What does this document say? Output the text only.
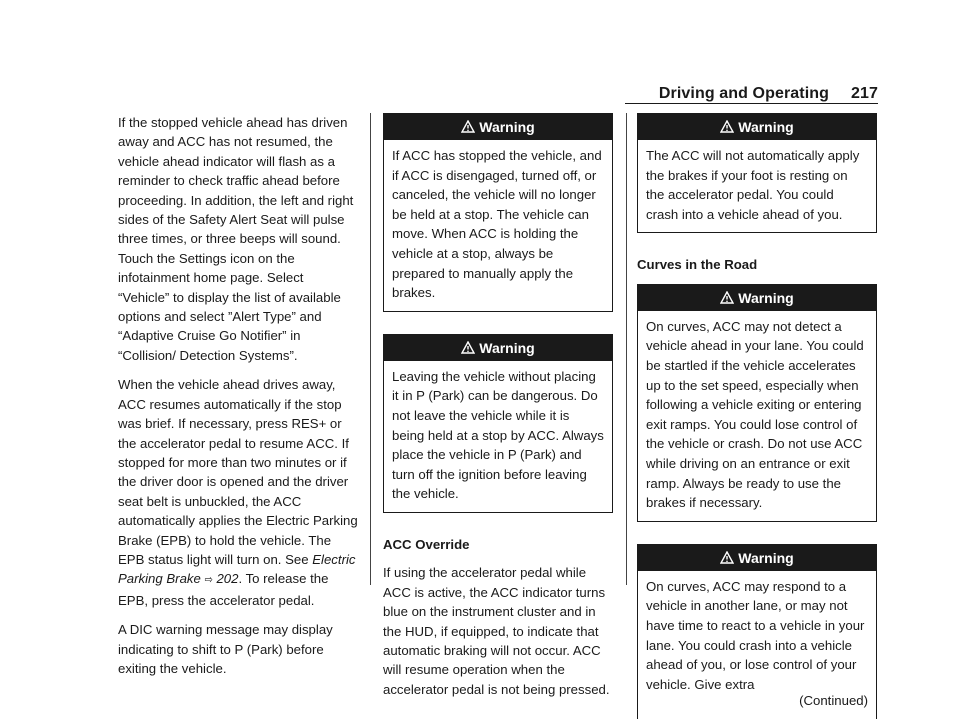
Driving and Operating 217

If the stopped vehicle ahead has driven away and ACC has not resumed, the vehicle ahead indicator will flash as a reminder to check traffic ahead before proceeding. In addition, the left and right sides of the Safety Alert Seat will pulse three times, or three beeps will sound. Touch the Settings icon on the infotainment home page. Select “Vehicle” to display the list of available options and select ”Alert Type” and “Adaptive Cruise Go Notifier” in “Collision/ Detection Systems”.

When the vehicle ahead drives away, ACC resumes automatically if the stop was brief. If necessary, press RES+ or the accelerator pedal to resume ACC. If stopped for more than two minutes or if the driver door is opened and the driver seat belt is unbuckled, the ACC automatically applies the Electric Parking Brake (EPB) to hold the vehicle. The EPB status light will turn on. See Electric Parking Brake ⇨ 202. To release the EPB, press the accelerator pedal.

A DIC warning message may display indicating to shift to P (Park) before exiting the vehicle.

Warning
If ACC has stopped the vehicle, and if ACC is disengaged, turned off, or canceled, the vehicle will no longer be held at a stop. The vehicle can move. When ACC is holding the vehicle at a stop, always be prepared to manually apply the brakes.
Warning
Leaving the vehicle without placing it in P (Park) can be dangerous. Do not leave the vehicle while it is being held at a stop by ACC. Always place the vehicle in P (Park) and turn off the ignition before leaving the vehicle.

ACC Override

If using the accelerator pedal while ACC is active, the ACC indicator turns blue on the instrument cluster and in the HUD, if equipped, to indicate that automatic braking will not occur. ACC will resume operation when the accelerator pedal is not being pressed.

Warning
The ACC will not automatically apply the brakes if your foot is resting on the accelerator pedal. You could crash into a vehicle ahead of you.

Curves in the Road

Warning
On curves, ACC may not detect a vehicle ahead in your lane. You could be startled if the vehicle accelerates up to the set speed, especially when following a vehicle exiting or entering exit ramps. You could lose control of the vehicle or crash. Do not use ACC while driving on an entrance or exit ramp. Always be ready to use the brakes if necessary.
Warning
On curves, ACC may respond to a vehicle in another lane, or may not have time to react to a vehicle in your lane. You could crash into a vehicle ahead of you, or lose control of your vehicle. Give extra
(Continued)
